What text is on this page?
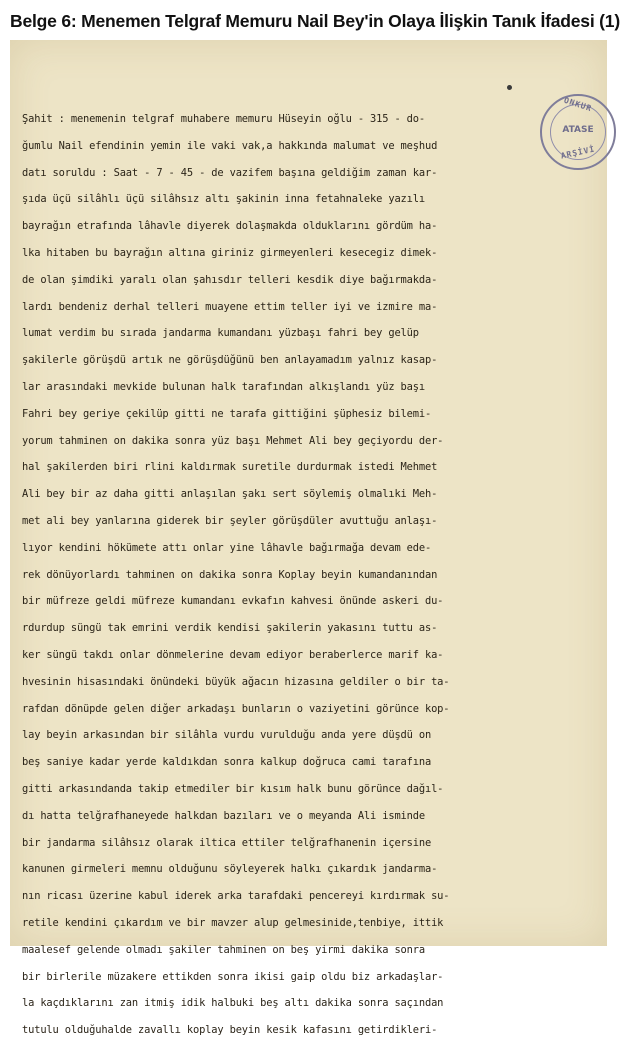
Belge 6: Menemen Telgraf Memuru Nail Bey'in Olaya İlişkin Tanık İfadesi (1)
ONKUR
ATASE
ARŞİVİ
Şahit : menemenin telgraf muhabere memuru Hüseyin oğlu - 315 - do-
ğumlu Nail efendinin yemin ile vaki vak,a hakkında malumat ve meşhud
datı soruldu : Saat - 7 - 45 - de vazifem başına geldiğim zaman kar-
şıda üçü silâhlı üçü silâhsız altı şakinin inna fetahnaleke yazılı
bayrağın etrafında lâhavle diyerek dolaşmakda olduklarını gördüm ha-
lka hitaben bu bayrağın altına giriniz girmeyenleri kesecegiz dimek-
de olan şimdiki yaralı olan şahısdır telleri kesdik diye bağırmakda-
lardı bendeniz derhal telleri muayene ettim teller iyi ve izmire ma-
lumat verdim bu sırada jandarma kumandanı yüzbaşı fahri bey gelüp
şakilerle görüşdü artık ne görüşdüğünü ben anlayamadım yalnız kasap-
lar arasındaki mevkide bulunan halk tarafından alkışlandı yüz başı
Fahri bey geriye çekilüp gitti ne tarafa gittiğini şüphesiz bilemi-
yorum tahminen on dakika sonra yüz başı Mehmet Ali bey geçiyordu der-
hal şakilerden biri rlini kaldırmak suretile durdurmak istedi Mehmet
Ali bey bir az daha gitti anlaşılan şakı sert söylemiş olmalıki Meh-
met ali bey yanlarına giderek bir şeyler görüşdüler avuttuğu anlaşı-
lıyor kendini hökümete attı onlar yine lâhavle bağırmağa devam ede-
rek dönüyorlardı tahminen on dakika sonra Koplay beyin kumandanından
bir müfreze geldi müfreze kumandanı evkafın kahvesi önünde askeri du-
rdurdup süngü tak emrini verdik kendisi şakilerin yakasını tuttu as-
ker süngü takdı onlar dönmelerine devam ediyor beraberlerce marif ka-
hvesinin hisasındaki önündeki büyük ağacın hizasına geldiler o bir ta-
rafdan dönüpde gelen diğer arkadaşı bunların o vaziyetini görünce kop-
lay beyin arkasından bir silâhla vurdu vurulduğu anda yere düşdü on
beş saniye kadar yerde kaldıkdan sonra kalkup doğruca cami tarafına
gitti arkasındanda takip etmediler bir kısım halk bunu görünce dağıl-
dı hatta telğrafhaneyede halkdan bazıları ve o meyanda Ali isminde
bir jandarma silâhsız olarak iltica ettiler telğrafhanenin içersine
kanunen girmeleri memnu olduğunu söyleyerek halkı çıkardık jandarma-
nın ricası üzerine kabul iderek arka tarafdaki pencereyi kırdırmak su-
retile kendini çıkardım ve bir mavzer alup gelmesinide,tenbiye, ittik
maalesef gelende olmadı şakiler tahminen on beş yirmi dakika sonra
bir birlerile müzakere ettikden sonra ikisi gaip oldu biz arkadaşlar-
la kaçdıklarını zan itmiş idik halbuki beş altı dakika sonra saçından
tutulu olduğuhalde zavallı koplay beyin kesik kafasını getirdikleri-
